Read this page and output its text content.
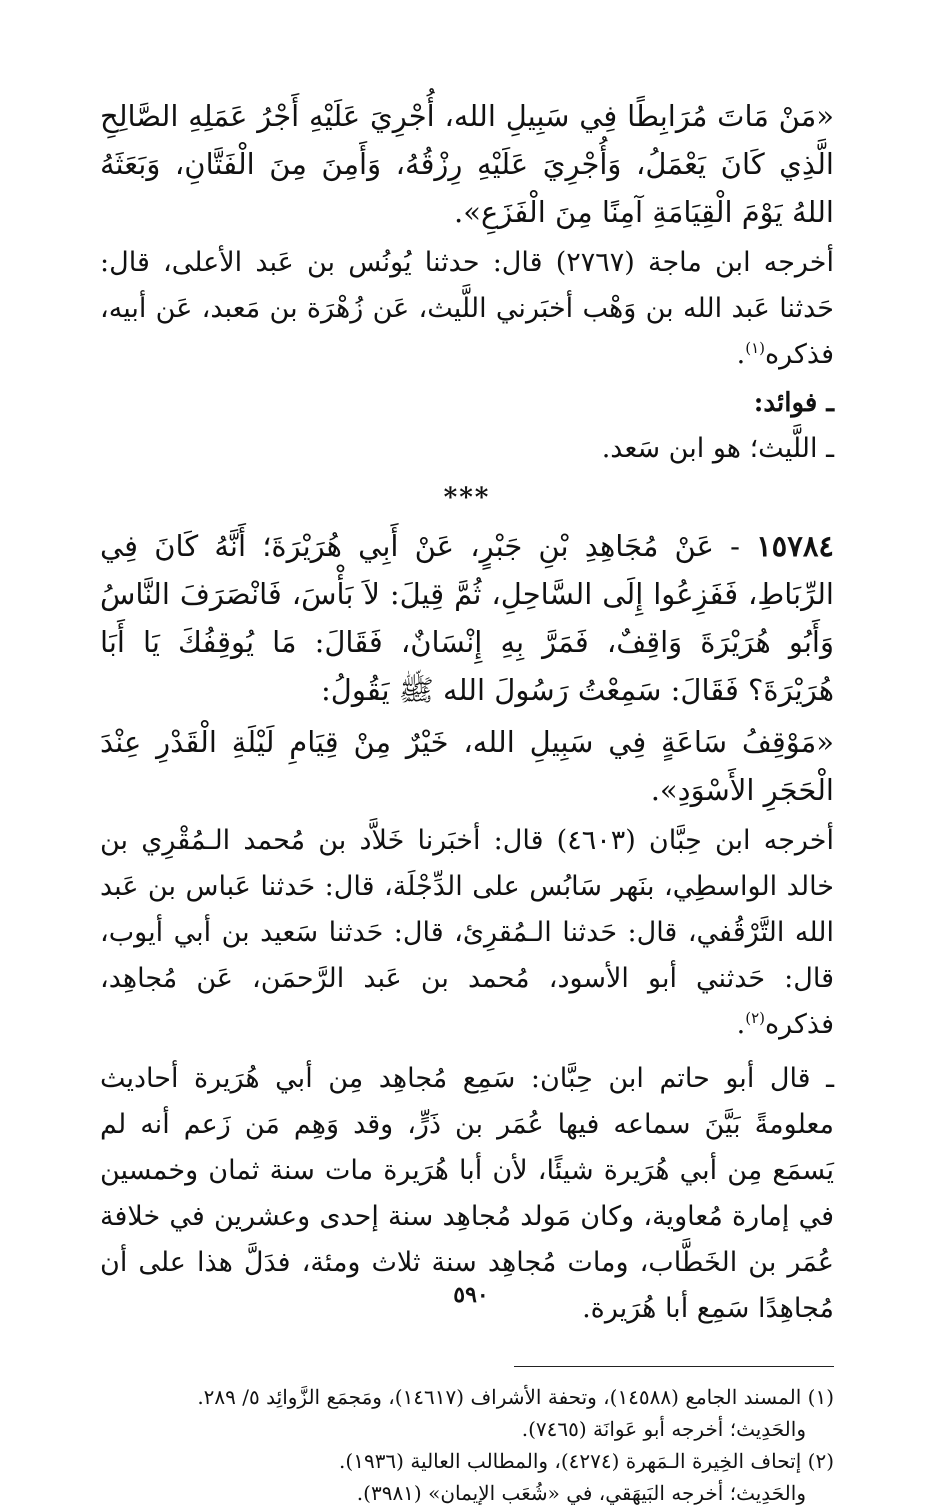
«مَنْ مَاتَ مُرَابِطًا فِي سَبِيلِ الله، أُجْرِيَ عَلَيْهِ أَجْرُ عَمَلِهِ الصَّالِحِ الَّذِي كَانَ يَعْمَلُ، وَأُجْرِيَ عَلَيْهِ رِزْقُهُ، وَأَمِنَ مِنَ الْفَتَّانِ، وَبَعَثَهُ اللهُ يَوْمَ الْقِيَامَةِ آمِنًا مِنَ الْفَزَعِ».

أخرجه ابن ماجة (٢٧٦٧) قال: حدثنا يُونُس بن عَبد الأعلى، قال: حَدثنا عَبد الله بن وَهْب أخبَرني اللَّيث، عَن زُهْرَة بن مَعبد، عَن أبيه، فذكره$^{(١)}$.

ـ فوائد:

ـ اللَّيث؛ هو ابن سَعد.

***

١٥٧٨٤ - عَنْ مُجَاهِدِ بْنِ جَبْرٍ، عَنْ أَبِي هُرَيْرَةَ؛ أَنَّهُ كَانَ فِي الرِّبَاطِ، فَفَزِعُوا إِلَى السَّاحِلِ، ثُمَّ قِيلَ: لاَ بَأْسَ، فَانْصَرَفَ النَّاسُ وَأَبُو هُرَيْرَةَ وَاقِفٌ، فَمَرَّ بِهِ إِنْسَانٌ، فَقَالَ: مَا يُوقِفُكَ يَا أَبَا هُرَيْرَةَ؟ فَقَالَ: سَمِعْتُ رَسُولَ الله ﷺ يَقُولُ:

«مَوْقِفُ سَاعَةٍ فِي سَبِيلِ الله، خَيْرٌ مِنْ قِيَامِ لَيْلَةِ الْقَدْرِ عِنْدَ الْحَجَرِ الأَسْوَدِ».

أخرجه ابن حِبَّان (٤٦٠٣) قال: أخبَرنا خَلاَّد بن مُحمد الـمُقْرِي بن خالد الواسطِي، بنَهر سَابُس على الدِّجْلَة، قال: حَدثنا عَباس بن عَبد الله التَّرْقُفي، قال: حَدثنا الـمُقرِئ، قال: حَدثنا سَعيد بن أبي أيوب، قال: حَدثني أبو الأسود، مُحمد بن عَبد الرَّحمَن، عَن مُجاهِد، فذكره$^{(٢)}$.

ـ قال أبو حاتم ابن حِبَّان: سَمِع مُجاهِد مِن أبي هُرَيرة أحاديث معلومةً بَيَّنَ سماعه فيها عُمَر بن ذَرٍّ، وقد وَهِم مَن زَعم أنه لم يَسمَع مِن أبي هُرَيرة شيئًا، لأن أبا هُرَيرة مات سنة ثمان وخمسين في إمارة مُعاوية، وكان مَولد مُجاهِد سنة إحدى وعشرين في خلافة عُمَر بن الخَطَّاب، ومات مُجاهِد سنة ثلاث ومئة، فدَلَّ هذا على أن مُجاهِدًا سَمِع أبا هُرَيرة.

(١) المسند الجامع (١٤٥٨٨)، وتحفة الأشراف (١٤٦١٧)، ومَجمَع الزَّوائِد ٥/ ٢٨٩.

والحَدِيث؛ أخرجه أبو عَوانَة (٧٤٦٥).

(٢) إتحاف الخِيرة الـمَهرة (٤٢٧٤)، والمطالب العالية (١٩٣٦).

والحَدِيث؛ أخرجه البَيهَقي، في «شُعَب الإيمان» (٣٩٨١).

٥٩٠
